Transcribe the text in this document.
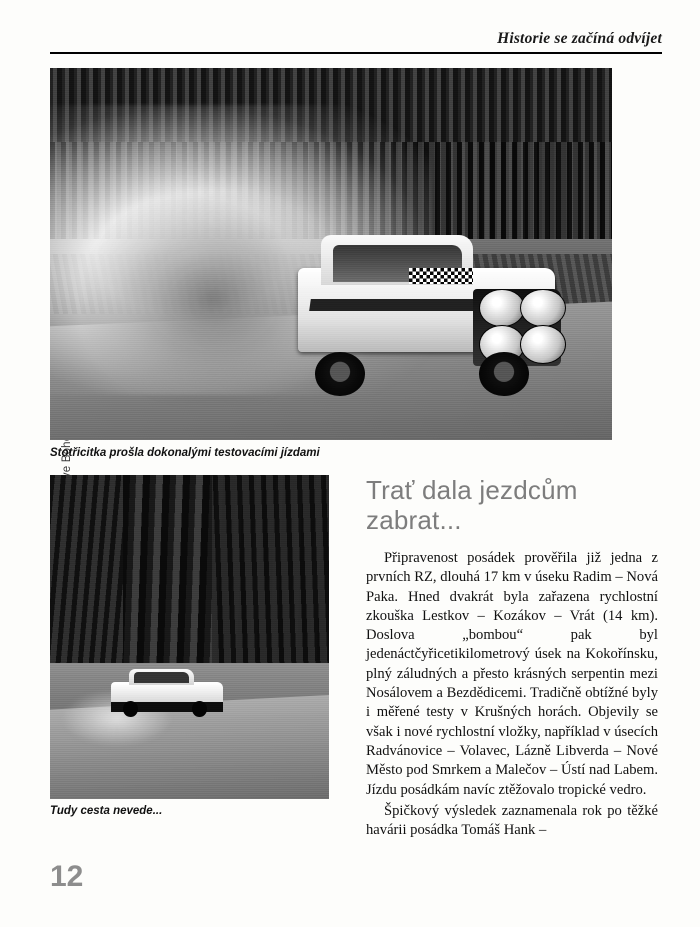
Historie se začíná odvíjet
Stotřicitka prošla dokonalými testovacími jízdami
Tudy cesta nevede...
Trať dala jezdcům zabrat...

Připravenost posádek prověřila již jedna z prvních RZ, dlouhá 17 km v úseku Radim – Nová Paka. Hned dvakrát byla zařazena rychlostní zkouška Lestkov – Kozákov – Vrát (14 km). Doslova „bombou“ pak byl jedenáctčyřicetikilometrový úsek na Kokořínsku, plný záludných a přesto krásných serpentin mezi Nosálovem a Bezdědicemi. Tradičně obtížné byly i měřené testy v Krušných horách. Objevily se však i nové rychlostní vložky, například v úsecích Radvánovice – Volavec, Lázně Libverda – Nové Město pod Smrkem a Malečov – Ústí nad Labem. Jízdu posádkám navíc ztěžovalo tropické vedro.

Špičkový výsledek zaznamenala rok po těžké havárii posádka Tomáš Hank –

12
